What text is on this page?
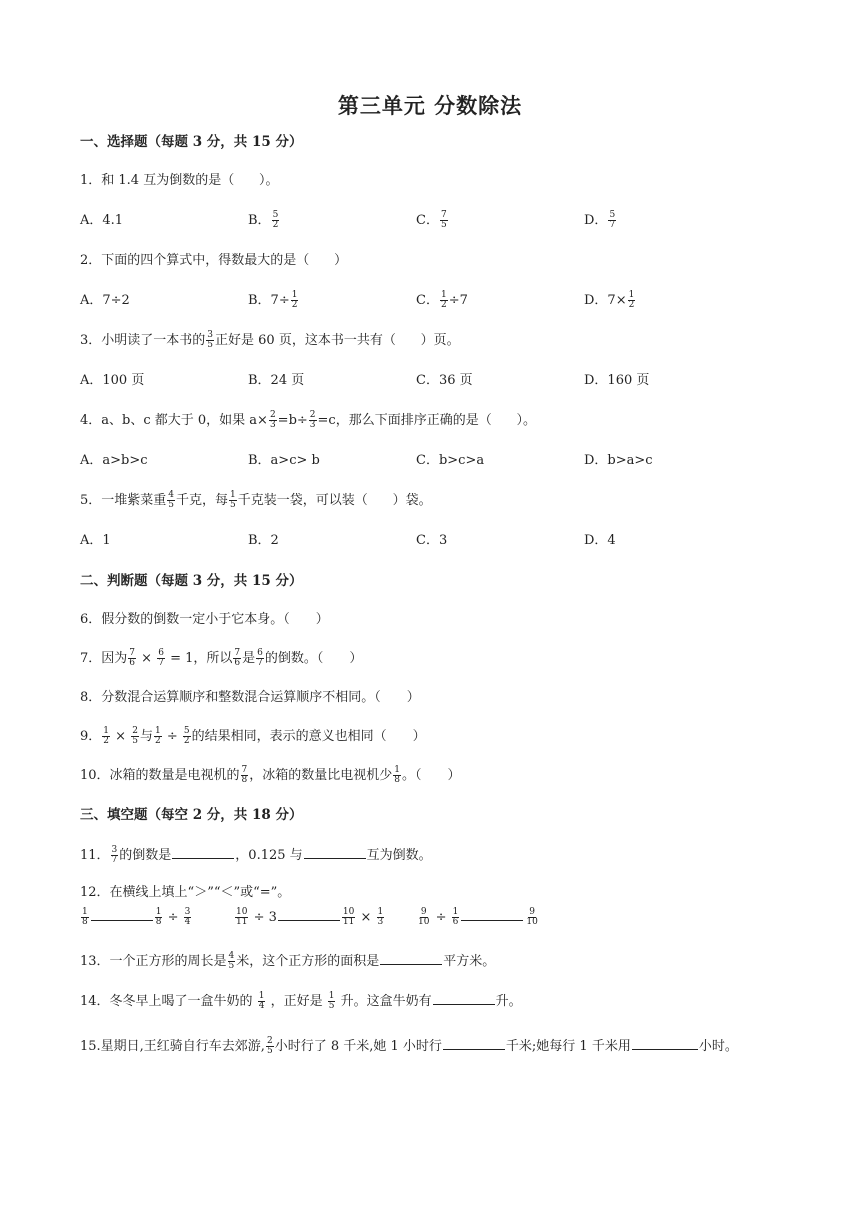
第三单元 分数除法
一、选择题（每题 3 分，共 15 分）
1．和 1.4 互为倒数的是（ ）。
A．4.1	B． $\frac{5}{2}$	C． $\frac{7}{5}$	D． $\frac{5}{7}$
2．下面的四个算式中，得数最大的是（ ）
A．7÷2	B．$7\div \frac{1}{2}$	C． $\frac{1}{2} \div 7$	D．$7\times \frac{1}{2}$
3．小明读了一本书的 $\frac{3}{5}$ 正好是 60 页，这本书一共有（ ）页。
A．100 页	B．24 页	C．36 页	D．160 页
4．a、b、c 都大于 0，如果 $a\times \frac{2}{3} =b\div \frac{2}{3} =c$，那么下面排序正确的是（ ）。
A．a>b>c	B．a>c> b	C．b>c>a	D．b>a>c
5．一堆紫菜重 $\frac{4}{5}$ 千克，每 $\frac{1}{5}$ 千克装一袋，可以装（ ）袋。
A．1	B．2	C．3	D．4
二、判断题（每题 3 分，共 15 分）
6．假分数的倒数一定小于它本身。（　　）
7．因为 $\frac{7}{6} \times \frac{6}{7} = 1$，所以 $\frac{7}{6}$ 是 $\frac{6}{7}$ 的倒数。（　　）
8．分数混合运算顺序和整数混合运算顺序不相同。（　　）
9． $\frac{1}{2} \times \frac{2}{5}$ 与 $\frac{1}{2} \div \frac{5}{2}$ 的结果相同，表示的意义也相同（　　）
10．冰箱的数量是电视机的 $\frac{7}{8}$ ，冰箱的数量比电视机少 $\frac{1}{8}$ 。（　　）
三、填空题（每空 2 分，共 18 分）
11． $\frac{3}{7}$ 的倒数是	，0.125 与	互为倒数。
12．在横线上填上“＞”“＜”或“=”。
$\frac{1}{8}$	$\frac{1}{8} \div \frac{3}{4}$	$\frac{10}{11} \div 3$	$\frac{10}{11} \times \frac{1}{3}$	$\frac{9}{10} \div \frac{1}{6}$	$\frac{9}{10}$
13．一个正方形的周长是 $\frac{4}{5}$ 米，这个正方形的面积是	平方米。
14．冬冬早上喝了一盒牛奶的 $\frac{1}{4}$ ，正好是 $\frac{1}{5}$ 升。这盒牛奶有	升。
15.星期日,王红骑自行车去郊游, $\frac{2}{5}$ 小时行了 8 千米,她 1 小时行	千米;她每行 1 千米用	小时。
